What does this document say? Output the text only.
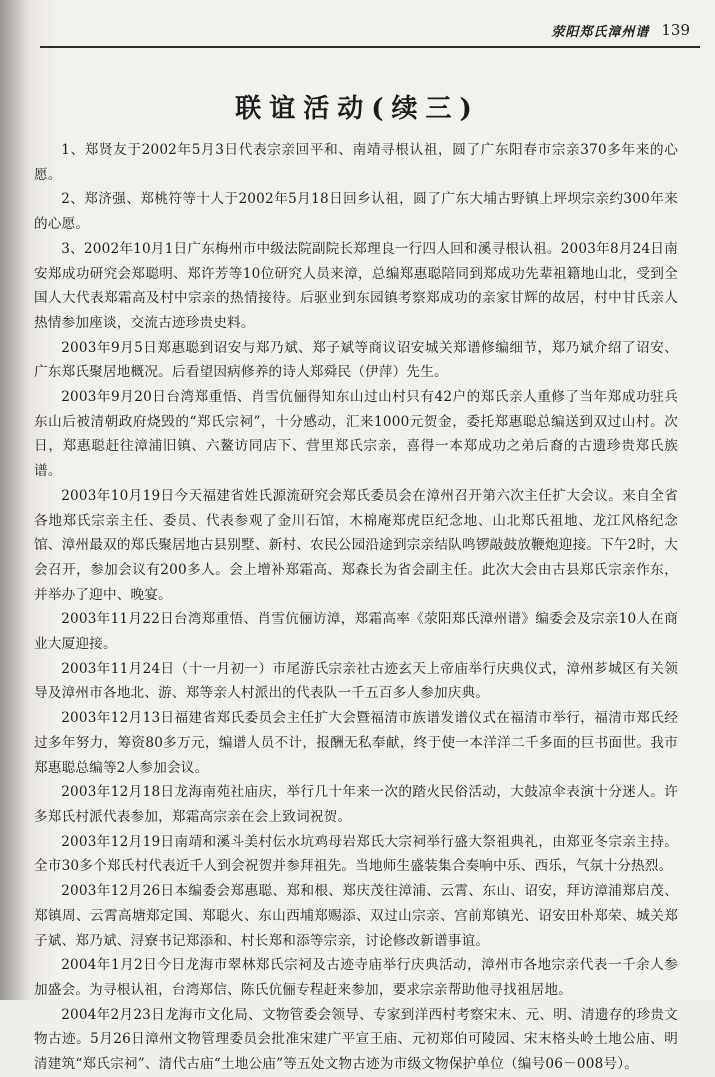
荥阳郑氏漳州谱 139
联谊活动(续三)

1、郑贤友于2002年5月3日代表宗亲回平和、南靖寻根认祖，圆了广东阳春市宗亲370多年来的心愿。

2、郑济强、郑桃符等十人于2002年5月18日回乡认祖，圆了广东大埔古野镇上坪坝宗亲约300年来的心愿。

3、2002年10月1日广东梅州市中级法院副院长郑理良一行四人回和溪寻根认祖。2003年8月24日南安郑成功研究会郑聪明、郑许芳等10位研究人员来漳，总编郑惠聪陪同到郑成功先辈祖籍地山北，受到全国人大代表郑霜高及村中宗亲的热情接待。后驱业到东园镇考察郑成功的亲家甘辉的故居，村中甘氏亲人热情参加座谈，交流古迹珍贵史料。

2003年9月5日郑惠聪到诏安与郑乃斌、郑子斌等商议诏安城关郑谱修编细节，郑乃斌介绍了诏安、广东郑氏聚居地概况。后看望因病修养的诗人郑舜民（伊萍）先生。

2003年9月20日台湾郑重悟、肖雪伉俪得知东山过山村只有42户的郑氏亲人重修了当年郑成功驻兵东山后被清朝政府烧毁的“郑氏宗祠”，十分感动，汇来1000元贺金，委托郑惠聪总编送到双过山村。次日，郑惠聪赶往漳浦旧镇、六鳌访同店下、营里郑氏宗亲，喜得一本郑成功之弟后裔的古遗珍贵郑氏族谱。

2003年10月19日今天福建省姓氏源流研究会郑氏委员会在漳州召开第六次主任扩大会议。来自全省各地郑氏宗亲主任、委员、代表参观了金川石馆，木棉庵郑虎臣纪念地、山北郑氏祖地、龙江风格纪念馆、漳州最双的郑氏聚居地古县别墅、新村、农民公园沿途到宗亲结队鸣锣敲鼓放鞭炮迎接。下午2时，大会召开，参加会议有200多人。会上增补郑霜高、郑森长为省会副主任。此次大会由古县郑氏宗亲作东，并举办了迎中、晚宴。

2003年11月22日台湾郑重悟、肖雪伉俪访漳，郑霜高率《荥阳郑氏漳州谱》编委会及宗亲10人在商业大厦迎接。

2003年11月24日（十一月初一）市尾游氏宗亲社古迹玄天上帝庙举行庆典仪式，漳州芗城区有关领导及漳州市各地北、游、郑等亲人村派出的代表队一千五百多人参加庆典。

2003年12月13日福建省郑氏委员会主任扩大会暨福清市族谱发谱仪式在福清市举行，福清市郑氏经过多年努力，筹资80多万元，编谱人员不计，报酬无私奉献，终于使一本洋洋二千多面的巨书面世。我市郑惠聪总编等2人参加会议。

2003年12月18日龙海南苑社庙庆，举行几十年来一次的踏火民俗活动，大鼓凉伞表演十分迷人。许多郑氏村派代表参加，郑霜高宗亲在会上致词祝贺。

2003年12月19日南靖和溪斗美村伝水坑鸡母岩郑氏大宗祠举行盛大祭祖典礼，由郑亚冬宗亲主持。全市30多个郑氏村代表近千人到会祝贺并参拜祖先。当地师生盛装集合奏响中乐、西乐，气氛十分热烈。

2003年12月26日本编委会郑惠聪、郑和根、郑庆茂往漳浦、云霄、东山、诏安，拜访漳浦郑启茂、郑镇周、云霄高塘郑定国、郑聪火、东山西埔郑赐添、双过山宗亲、宫前郑镇光、诏安田朴郑荣、城关郑子斌、郑乃斌、浔寮书记郑添和、村长郑和添等宗亲，讨论修改新谱事谊。

2004年1月2日今日龙海市翠林郑氏宗祠及古迹寺庙举行庆典活动，漳州市各地宗亲代表一千余人参加盛会。为寻根认祖，台湾郑信、陈氏伉俪专程赶来参加，要求宗亲帮助他寻找祖居地。

2004年2月23日龙海市文化局、文物管委会领导、专家到洋西村考察宋末、元、明、清遗存的珍贵文物古迹。5月26日漳州文物管理委员会批准宋建广平宣王庙、元初郑伯可陵园、宋末格头岭土地公庙、明清建筑“郑氏宗祠”、清代古庙“土地公庙”等五处文物古迹为市级文物保护单位（编号06－008号）。
